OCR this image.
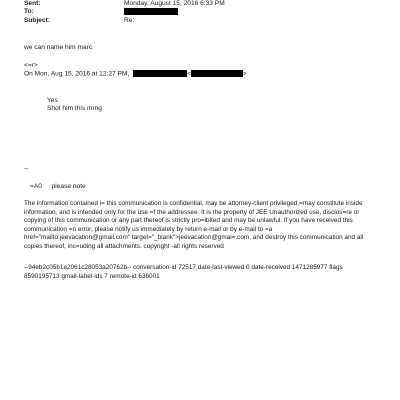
Sent:	Monday, August 15, 2016 6:33 PM
To:
Subject:	Re:
we can name him marc
<=r>
On Mon, Aug 15, 2016 at 12:27 PM,	<	>
Yes
Shot him this mrng
--
=A0 please note
The information contained i= this communication is confidential, may be attorney-client privileged,=may constitute inside information, and is intended only for the use =f the addressee. It is the property of JEE Unauthorized use, disclos=re or copying of this communication or any part thereof is strictly pro=ibited and may be unlawful. If you have received this communication =n error, please notify us immediately by return e-mail or by e-mail to =a href="mailto:jeevacation@gmail.com" target="_blank">jeevacation@gmai=.com, and destroy this communication and all copies thereof, inc=uding all attachments. copyright -all rights reserved
--94eb2c05b1e2061c28053a20762b-- conversation-id 72517 date-last-viewed 0 date-received 1471285977 flags 8590195713 gmail-label-ids 7 remote-id 636001
